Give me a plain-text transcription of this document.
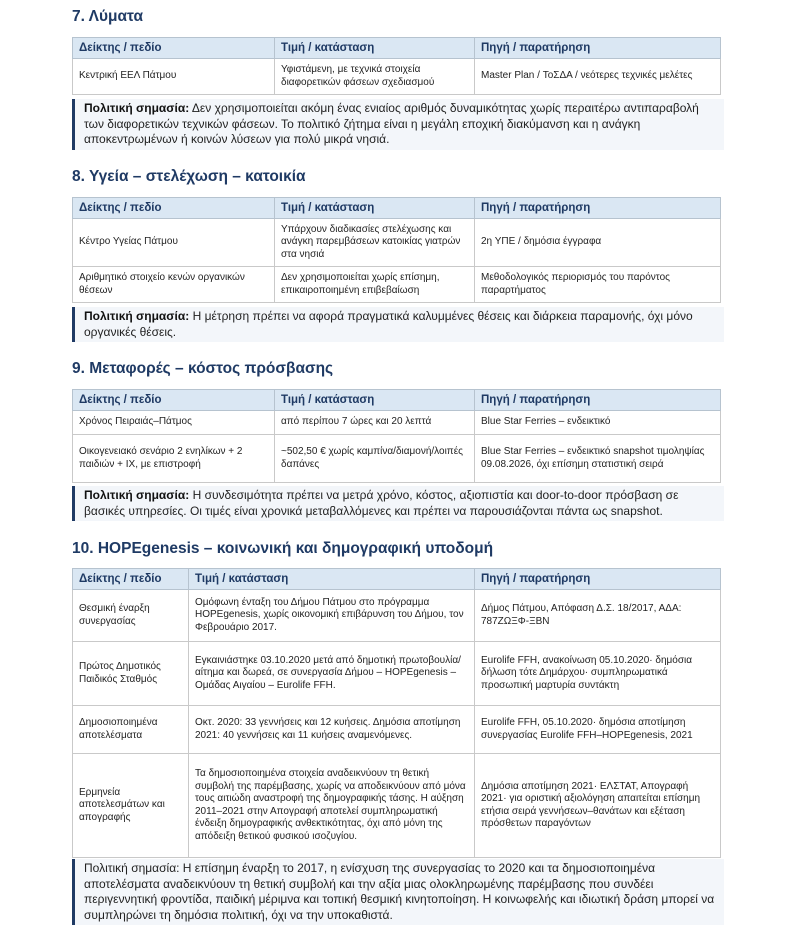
7. Λύματα
Δείκτης / πεδίο	Τιμή / κατάσταση	Πηγή / παρατήρηση
Κεντρική ΕΕΛ Πάτμου	Υφιστάμενη, με τεχνικά στοιχεία διαφορετικών φάσεων σχεδιασμού	Master Plan / ΤοΣΔΑ / νεότερες τεχνικές μελέτες
Πολιτική σημασία: Δεν χρησιμοποιείται ακόμη ένας ενιαίος αριθμός δυναμικότητας χωρίς περαιτέρω αντιπαραβολή των διαφορετικών τεχνικών φάσεων. Το πολιτικό ζήτημα είναι η μεγάλη εποχική διακύμανση και η ανάγκη αποκεντρωμένων ή κοινών λύσεων για πολύ μικρά νησιά.
8. Υγεία – στελέχωση – κατοικία
Δείκτης / πεδίο	Τιμή / κατάσταση	Πηγή / παρατήρηση
Κέντρο Υγείας Πάτμου	Υπάρχουν διαδικασίες στελέχωσης και ανάγκη παρεμβάσεων κατοικίας γιατρών στα νησιά	2η ΥΠΕ / δημόσια έγγραφα
Αριθμητικό στοιχείο κενών οργανικών θέσεων	Δεν χρησιμοποιείται χωρίς επίσημη, επικαιροποιημένη επιβεβαίωση	Μεθοδολογικός περιορισμός του παρόντος παραρτήματος
Πολιτική σημασία: Η μέτρηση πρέπει να αφορά πραγματικά καλυμμένες θέσεις και διάρκεια παραμονής, όχι μόνο οργανικές θέσεις.
9. Μεταφορές – κόστος πρόσβασης
Δείκτης / πεδίο	Τιμή / κατάσταση	Πηγή / παρατήρηση
Χρόνος Πειραιάς–Πάτμος	από περίπου 7 ώρες και 20 λεπτά	Blue Star Ferries – ενδεικτικό
Οικογενειακό σενάριο 2 ενηλίκων + 2 παιδιών + ΙΧ, με επιστροφή	~502,50 € χωρίς καμπίνα/διαμονή/λοιπές δαπάνες	Blue Star Ferries – ενδεικτικό snapshot τιμοληψίας 09.08.2026, όχι επίσημη στατιστική σειρά
Πολιτική σημασία: Η συνδεσιμότητα πρέπει να μετρά χρόνο, κόστος, αξιοπιστία και door-to-door πρόσβαση σε βασικές υπηρεσίες. Οι τιμές είναι χρονικά μεταβαλλόμενες και πρέπει να παρουσιάζονται πάντα ως snapshot.
10. HOPEgenesis – κοινωνική και δημογραφική υποδομή
Δείκτης / πεδίο	Τιμή / κατάσταση	Πηγή / παρατήρηση
Θεσμική έναρξη συνεργασίας	Ομόφωνη ένταξη του Δήμου Πάτμου στο πρόγραμμα HOPEgenesis, χωρίς οικονομική επιβάρυνση του Δήμου, τον Φεβρουάριο 2017.	Δήμος Πάτμου, Απόφαση Δ.Σ. 18/2017, ΑΔΑ: 787ΖΩΞΦ-ΞΒΝ
Πρώτος Δημοτικός Παιδικός Σταθμός	Εγκαινιάστηκε 03.10.2020 μετά από δημοτική πρωτοβουλία/αίτημα και δωρεά, σε συνεργασία Δήμου – HOPEgenesis – Ομάδας Αιγαίου – Eurolife FFH.	Eurolife FFH, ανακοίνωση 05.10.2020· δημόσια δήλωση τότε Δημάρχου· συμπληρωματικά προσωπική μαρτυρία συντάκτη
Δημοσιοποιημένα αποτελέσματα	Οκτ. 2020: 33 γεννήσεις και 12 κυήσεις. Δημόσια αποτίμηση 2021: 40 γεννήσεις και 11 κυήσεις αναμενόμενες.	Eurolife FFH, 05.10.2020· δημόσια αποτίμηση συνεργασίας Eurolife FFH–HOPEgenesis, 2021
Ερμηνεία αποτελεσμάτων και απογραφής	Τα δημοσιοποιημένα στοιχεία αναδεικνύουν τη θετική συμβολή της παρέμβασης, χωρίς να αποδεικνύουν από μόνα τους αιτιώδη αναστροφή της δημογραφικής τάσης. Η αύξηση 2011–2021 στην Απογραφή αποτελεί συμπληρωματική ένδειξη δημογραφικής ανθεκτικότητας, όχι από μόνη της απόδειξη θετικού φυσικού ισοζυγίου.	Δημόσια αποτίμηση 2021· ΕΛΣΤΑΤ, Απογραφή 2021· για οριστική αξιολόγηση απαιτείται επίσημη ετήσια σειρά γεννήσεων–θανάτων και εξέταση πρόσθετων παραγόντων
Πολιτική σημασία: Η επίσημη έναρξη το 2017, η ενίσχυση της συνεργασίας το 2020 και τα δημοσιοποιημένα αποτελέσματα αναδεικνύουν τη θετική συμβολή και την αξία μιας ολοκληρωμένης παρέμβασης που συνδέει περιγεννητική φροντίδα, παιδική μέριμνα και τοπική θεσμική κινητοποίηση. Η κοινωφελής και ιδιωτική δράση μπορεί να συμπληρώνει τη δημόσια πολιτική, όχι να την υποκαθιστά.
